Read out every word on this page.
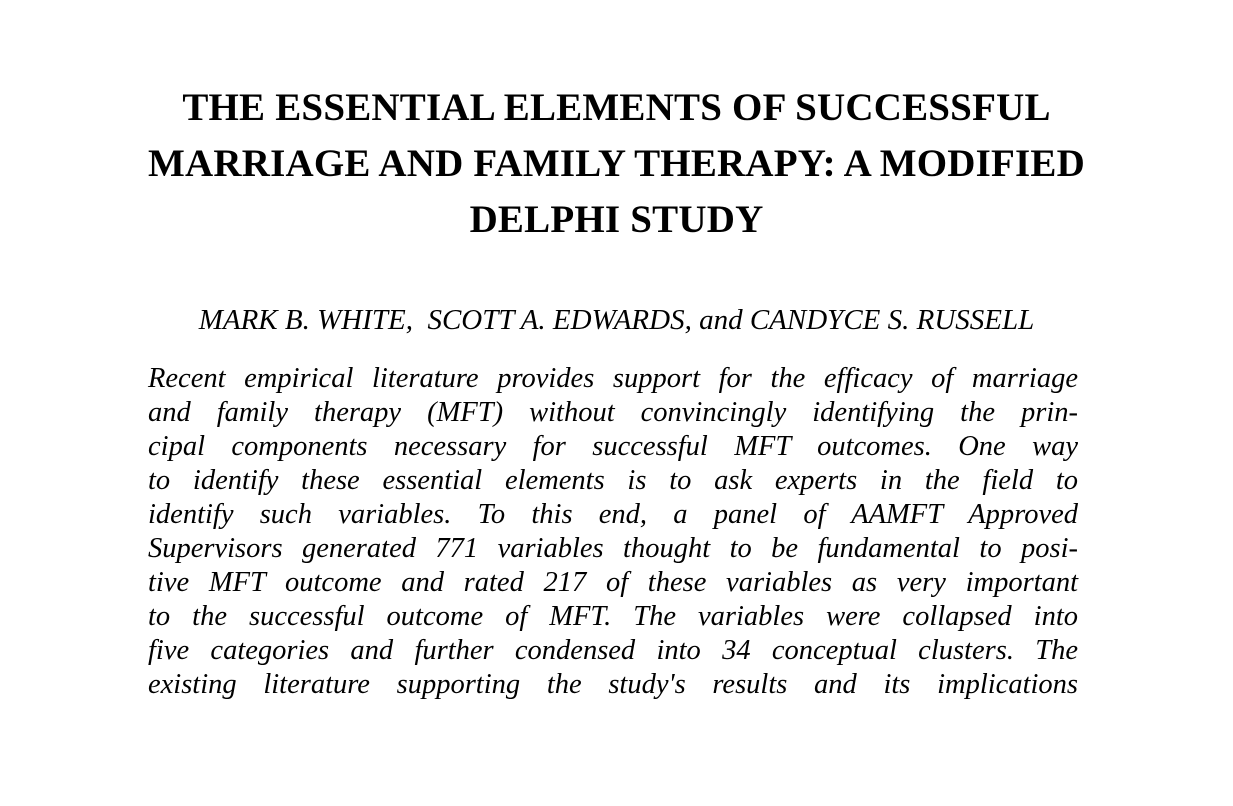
THE ESSENTIAL ELEMENTS OF SUCCESSFUL
MARRIAGE AND FAMILY THERAPY: A MODIFIED
DELPHI STUDY

MARK B. WHITE, SCOTT A. EDWARDS, and CANDYCE S. RUSSELL

Recent empirical literature provides support for the efficacy of marriage
and family therapy (MFT) without convincingly identifying the prin-
cipal components necessary for successful MFT outcomes. One way
to identify these essential elements is to ask experts in the field to
identify such variables. To this end, a panel of AAMFT Approved
Supervisors generated 771 variables thought to be fundamental to posi-
tive MFT outcome and rated 217 of these variables as very important
to the successful outcome of MFT. The variables were collapsed into
five categories and further condensed into 34 conceptual clusters. The
existing literature supporting the study's results and its implications
